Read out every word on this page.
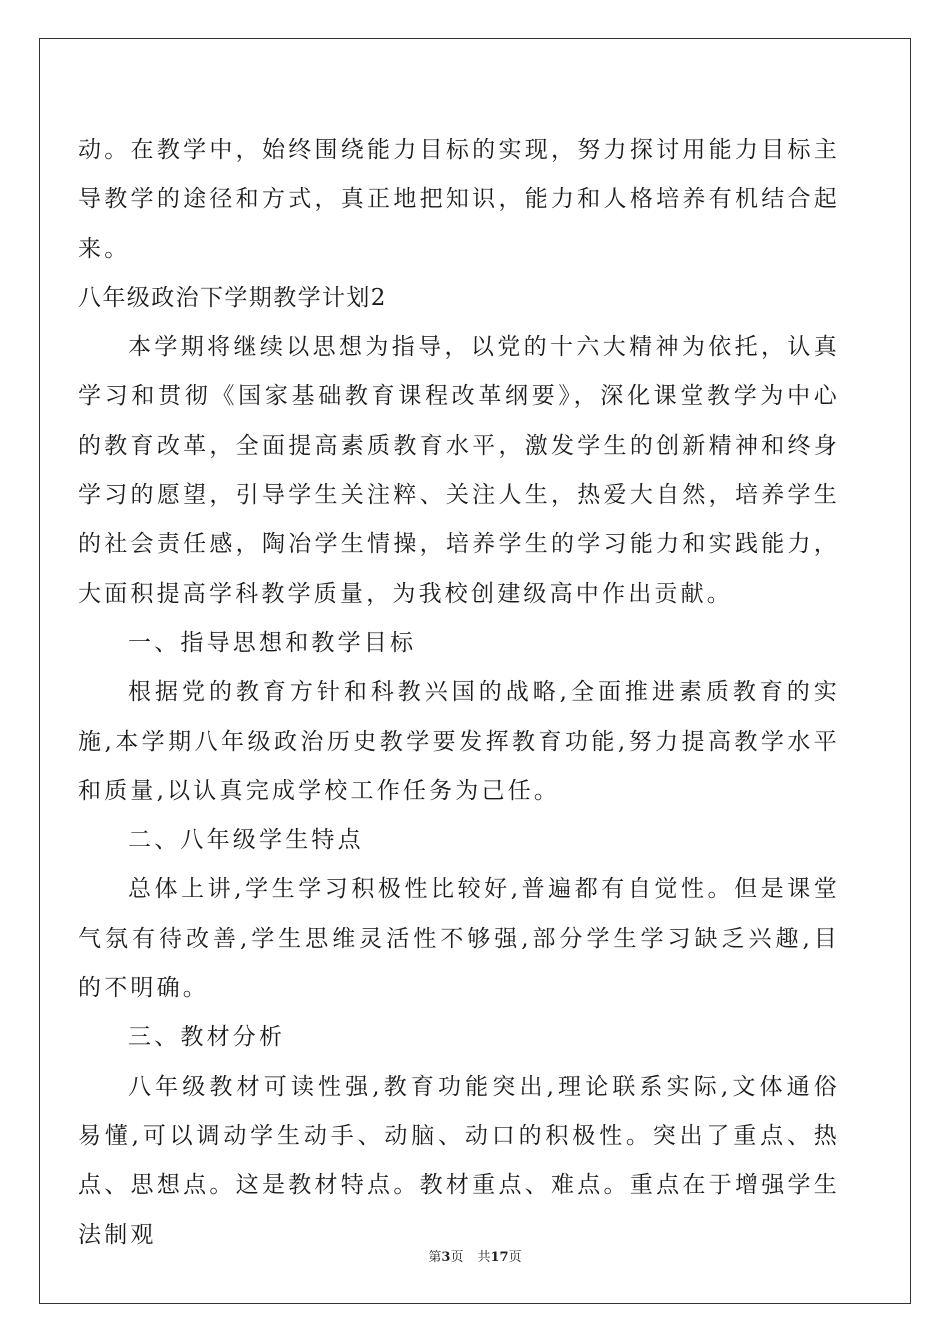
动。在教学中，始终围绕能力目标的实现，努力探讨用能力目标主导教学的途径和方式，真正地把知识，能力和人格培养有机结合起来。

八年级政治下学期教学计划2

本学期将继续以思想为指导，以党的十六大精神为依托，认真学习和贯彻《国家基础教育课程改革纲要》，深化课堂教学为中心的教育改革，全面提高素质教育水平，激发学生的创新精神和终身学习的愿望，引导学生关注粹、关注人生，热爱大自然，培养学生的社会责任感，陶冶学生情操，培养学生的学习能力和实践能力，大面积提高学科教学质量，为我校创建级高中作出贡献。

一、指导思想和教学目标

根据党的教育方针和科教兴国的战略,全面推进素质教育的实施,本学期八年级政治历史教学要发挥教育功能,努力提高教学水平和质量,以认真完成学校工作任务为己任。

二、八年级学生特点

总体上讲,学生学习积极性比较好,普遍都有自觉性。但是课堂气氛有待改善,学生思维灵活性不够强,部分学生学习缺乏兴趣,目的不明确。

三、教材分析

八年级教材可读性强,教育功能突出,理论联系实际,文体通俗易懂,可以调动学生动手、动脑、动口的积极性。突出了重点、热点、思想点。这是教材特点。教材重点、难点。重点在于增强学生法制观

第3页 共17页
